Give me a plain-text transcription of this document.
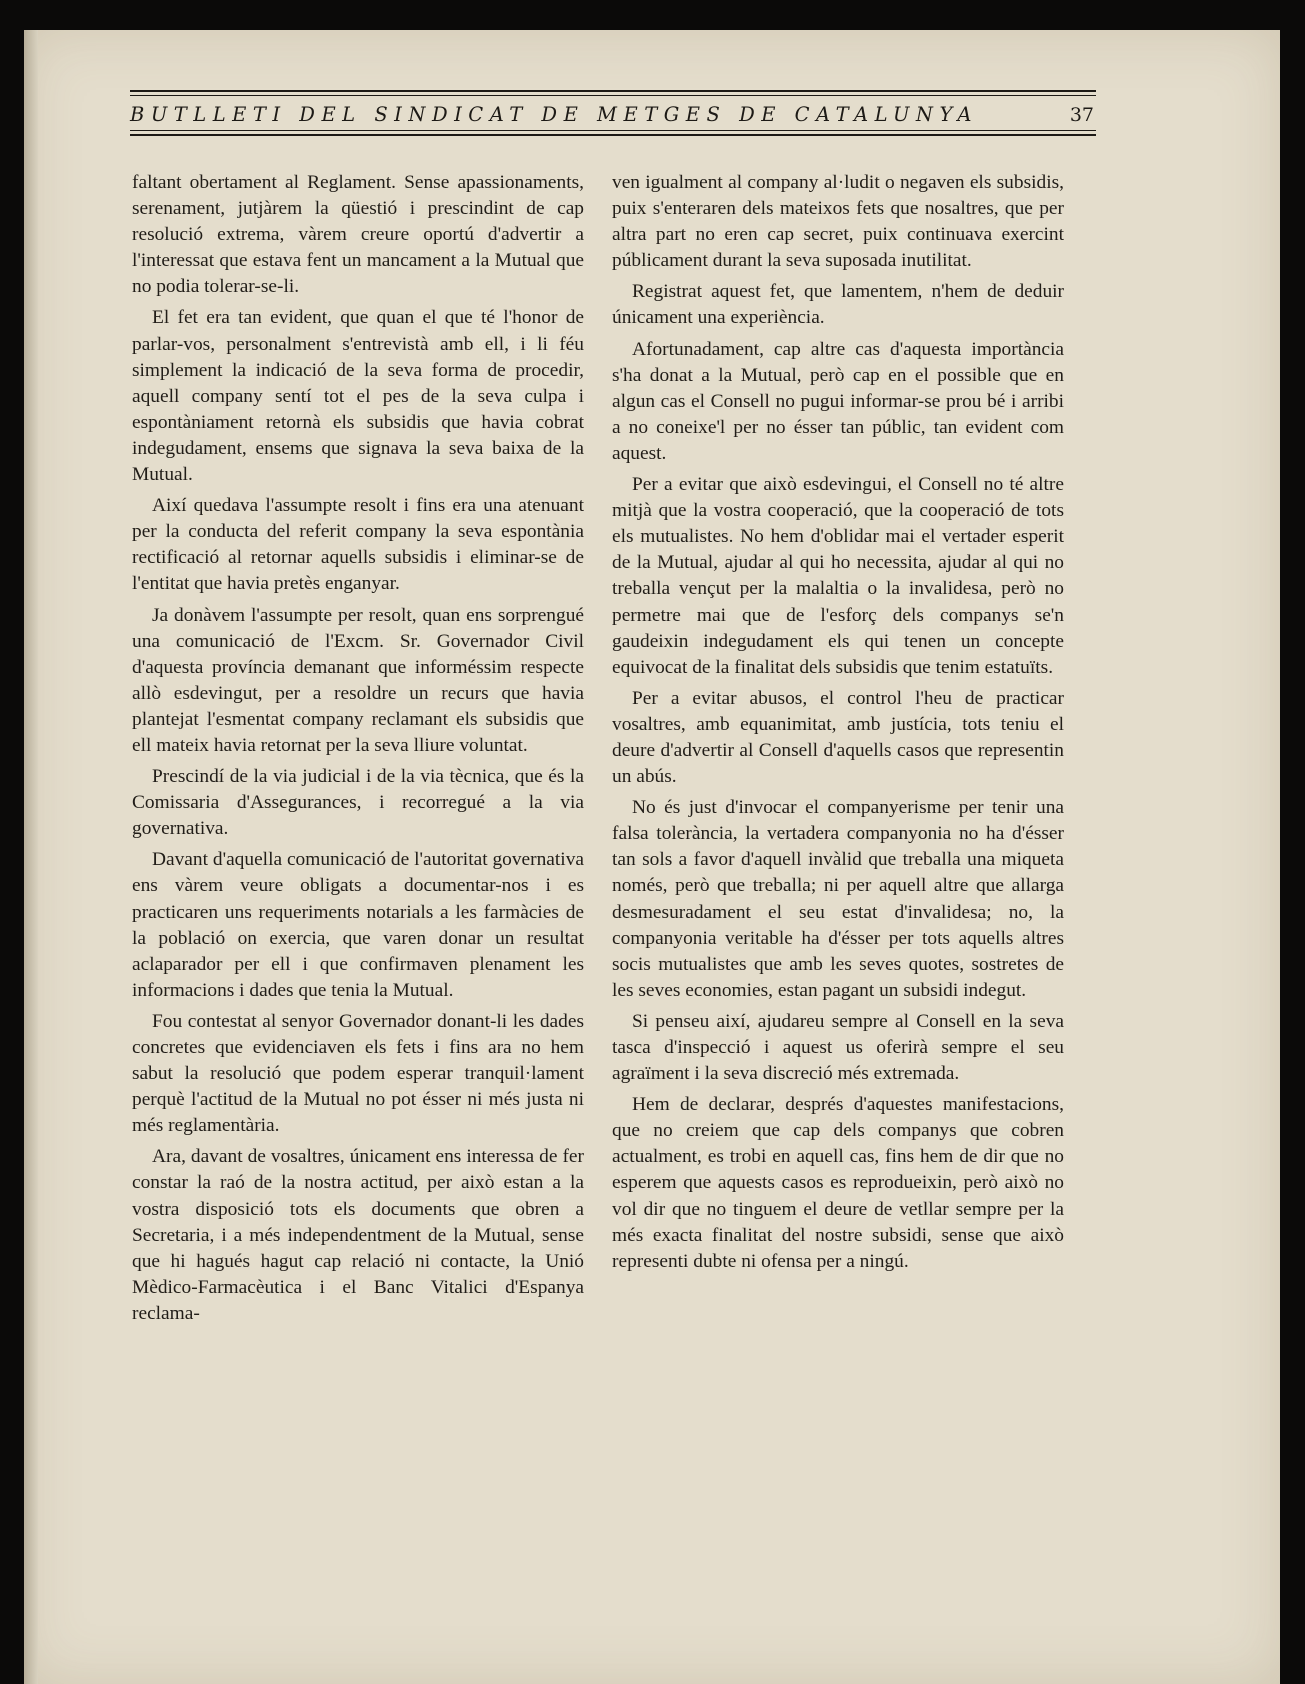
BUTLLETI DEL SINDICAT DE METGES DE CATALUNYA	37

faltant obertament al Reglament. Sense apassionaments, serenament, jutjàrem la qüestió i prescindint de cap resolució extrema, vàrem creure oportú d'advertir a l'interessat que estava fent un mancament a la Mutual que no podia tolerar-se-li.

El fet era tan evident, que quan el que té l'honor de parlar-vos, personalment s'entrevistà amb ell, i li féu simplement la indicació de la seva forma de procedir, aquell company sentí tot el pes de la seva culpa i espontàniament retornà els subsidis que havia cobrat indegudament, ensems que signava la seva baixa de la Mutual.

Així quedava l'assumpte resolt i fins era una atenuant per la conducta del referit company la seva espontània rectificació al retornar aquells subsidis i eliminar-se de l'entitat que havia pretès enganyar.

Ja donàvem l'assumpte per resolt, quan ens sorprengué una comunicació de l'Excm. Sr. Governador Civil d'aquesta província demanant que informéssim respecte allò esdevingut, per a resoldre un recurs que havia plantejat l'esmentat company reclamant els subsidis que ell mateix havia retornat per la seva lliure voluntat.

Prescindí de la via judicial i de la via tècnica, que és la Comissaria d'Assegurances, i recorregué a la via governativa.

Davant d'aquella comunicació de l'autoritat governativa ens vàrem veure obligats a documentar-nos i es practicaren uns requeriments notarials a les farmàcies de la població on exercia, que varen donar un resultat aclaparador per ell i que confirmaven plenament les informacions i dades que tenia la Mutual.

Fou contestat al senyor Governador donant-li les dades concretes que evidenciaven els fets i fins ara no hem sabut la resolució que podem esperar tranquil·lament perquè l'actitud de la Mutual no pot ésser ni més justa ni més reglamentària.

Ara, davant de vosaltres, únicament ens interessa de fer constar la raó de la nostra actitud, per això estan a la vostra disposició tots els documents que obren a Secretaria, i a més independentment de la Mutual, sense que hi hagués hagut cap relació ni contacte, la Unió Mèdico-Farmacèutica i el Banc Vitalici d'Espanya reclama-

ven igualment al company al·ludit o negaven els subsidis, puix s'enteraren dels mateixos fets que nosaltres, que per altra part no eren cap secret, puix continuava exercint públicament durant la seva suposada inutilitat.

Registrat aquest fet, que lamentem, n'hem de deduir únicament una experiència.

Afortunadament, cap altre cas d'aquesta importància s'ha donat a la Mutual, però cap en el possible que en algun cas el Consell no pugui informar-se prou bé i arribi a no coneixe'l per no ésser tan públic, tan evident com aquest.

Per a evitar que això esdevingui, el Consell no té altre mitjà que la vostra cooperació, que la cooperació de tots els mutualistes. No hem d'oblidar mai el vertader esperit de la Mutual, ajudar al qui ho necessita, ajudar al qui no treballa vençut per la malaltia o la invalidesa, però no permetre mai que de l'esforç dels companys se'n gaudeixin indegudament els qui tenen un concepte equivocat de la finalitat dels subsidis que tenim estatuïts.

Per a evitar abusos, el control l'heu de practicar vosaltres, amb equanimitat, amb justícia, tots teniu el deure d'advertir al Consell d'aquells casos que representin un abús.

No és just d'invocar el companyerisme per tenir una falsa tolerància, la vertadera companyonia no ha d'ésser tan sols a favor d'aquell invàlid que treballa una miqueta només, però que treballa; ni per aquell altre que allarga desmesuradament el seu estat d'invalidesa; no, la companyonia veritable ha d'ésser per tots aquells altres socis mutualistes que amb les seves quotes, sostretes de les seves economies, estan pagant un subsidi indegut.

Si penseu així, ajudareu sempre al Consell en la seva tasca d'inspecció i aquest us oferirà sempre el seu agraïment i la seva discreció més extremada.

Hem de declarar, després d'aquestes manifestacions, que no creiem que cap dels companys que cobren actualment, es trobi en aquell cas, fins hem de dir que no esperem que aquests casos es reprodueixin, però això no vol dir que no tinguem el deure de vetllar sempre per la més exacta finalitat del nostre subsidi, sense que això representi dubte ni ofensa per a ningú.
